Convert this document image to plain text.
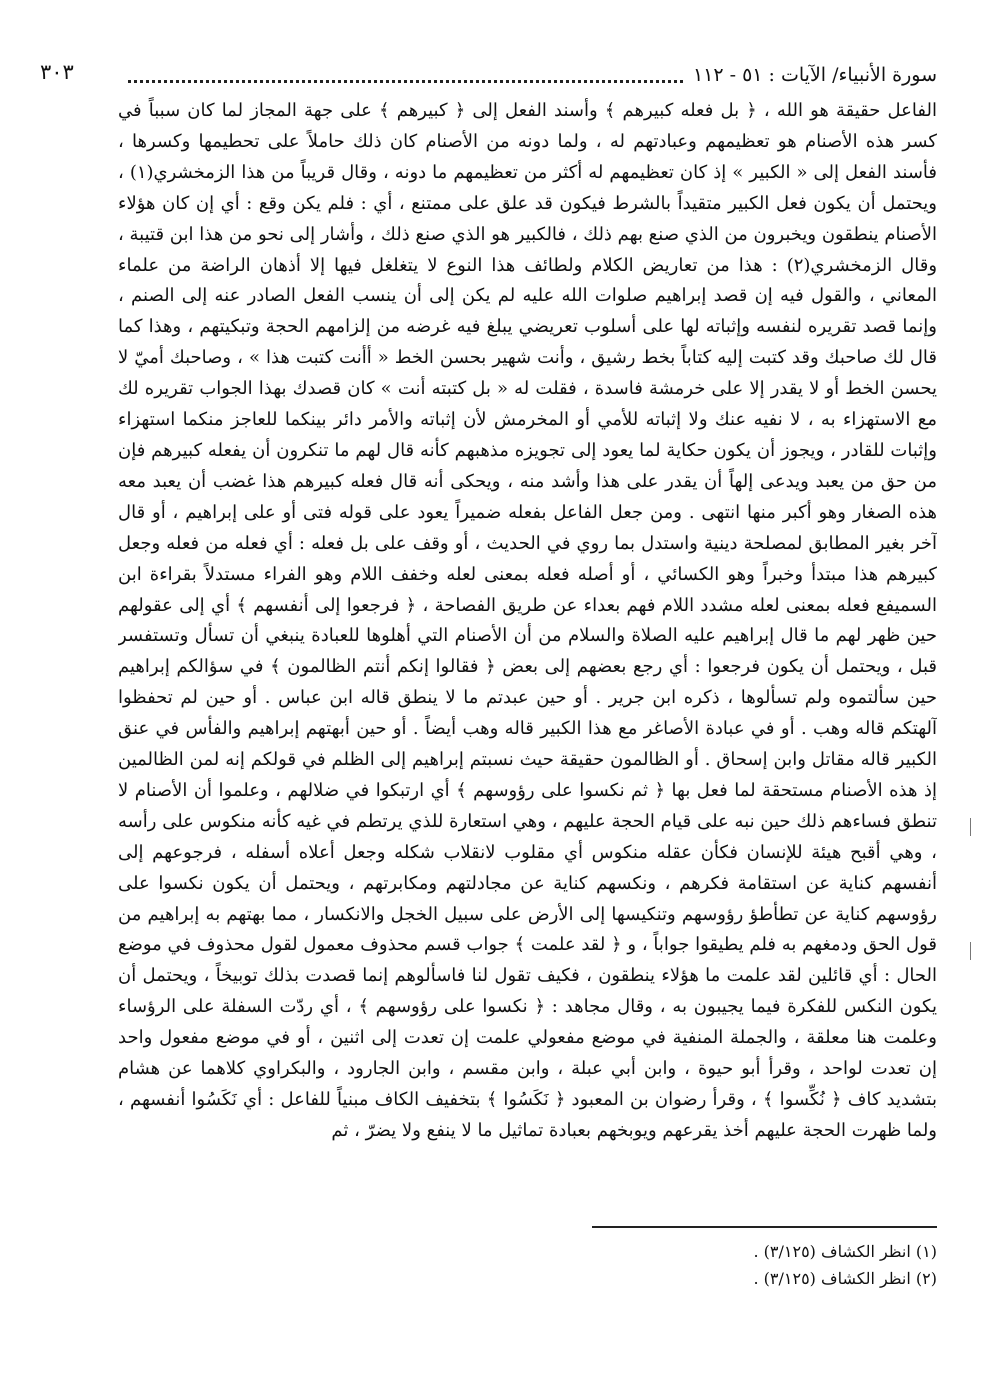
سورة الأنبياء/ الآيات : ٥١ - ١١٢
٣٠٣

الفاعل حقيقة هو الله ، ﴿ بل فعله كبيرهم ﴾ وأسند الفعل إلى ﴿ كبيرهم ﴾ على جهة المجاز لما كان سبباً في كسر هذه الأصنام هو تعظيمهم وعبادتهم له ، ولما دونه من الأصنام كان ذلك حاملاً على تحطيمها وكسرها ، فأسند الفعل إلى « الكبير » إذ كان تعظيمهم له أكثر من تعظيمهم ما دونه ، وقال قريباً من هذا الزمخشري(١) ، ويحتمل أن يكون فعل الكبير متقيداً بالشرط فيكون قد علق على ممتنع ، أي : فلم يكن وقع : أي إن كان هؤلاء الأصنام ينطقون ويخبرون من الذي صنع بهم ذلك ، فالكبير هو الذي صنع ذلك ، وأشار إلى نحو من هذا ابن قتيبة ، وقال الزمخشري(٢) : هذا من تعاريض الكلام ولطائف هذا النوع لا يتغلغل فيها إلا أذهان الراضة من علماء المعاني ، والقول فيه إن قصد إبراهيم صلوات الله عليه لم يكن إلى أن ينسب الفعل الصادر عنه إلى الصنم ، وإنما قصد تقريره لنفسه وإثباته لها على أسلوب تعريضي يبلغ فيه غرضه من إلزامهم الحجة وتبكيتهم ، وهذا كما قال لك صاحبك وقد كتبت إليه كتاباً بخط رشيق ، وأنت شهير بحسن الخط « أأنت كتبت هذا » ، وصاحبك أميّ لا يحسن الخط أو لا يقدر إلا على خرمشة فاسدة ، فقلت له « بل كتبته أنت » كان قصدك بهذا الجواب تقريره لك مع الاستهزاء به ، لا نفيه عنك ولا إثباته للأمي أو المخرمش لأن إثباته والأمر دائر بينكما للعاجز منكما استهزاء وإثبات للقادر ، ويجوز أن يكون حكاية لما يعود إلى تجويزه مذهبهم كأنه قال لهم ما تنكرون أن يفعله كبيرهم فإن من حق من يعبد ويدعى إلهاً أن يقدر على هذا وأشد منه ، ويحكى أنه قال فعله كبيرهم هذا غضب أن يعبد معه هذه الصغار وهو أكبر منها انتهى . ومن جعل الفاعل بفعله ضميراً يعود على قوله فتى أو على إبراهيم ، أو قال آخر بغير المطابق لمصلحة دينية واستدل بما روي في الحديث ، أو وقف على بل فعله : أي فعله من فعله وجعل كبيرهم هذا مبتدأ وخبراً وهو الكسائي ، أو أصله فعله بمعنى لعله وخفف اللام وهو الفراء مستدلاً بقراءة ابن السميفع فعله بمعنى لعله مشدد اللام فهم بعداء عن طريق الفصاحة ، ﴿ فرجعوا إلى أنفسهم ﴾ أي إلى عقولهم حين ظهر لهم ما قال إبراهيم عليه الصلاة والسلام من أن الأصنام التي أهلوها للعبادة ينبغي أن تسأل وتستفسر قبل ، ويحتمل أن يكون فرجعوا : أي رجع بعضهم إلى بعض ﴿ فقالوا إنكم أنتم الظالمون ﴾ في سؤالكم إبراهيم حين سألتموه ولم تسألوها ، ذكره ابن جرير . أو حين عبدتم ما لا ينطق قاله ابن عباس . أو حين لم تحفظوا آلهتكم قاله وهب . أو في عبادة الأصاغر مع هذا الكبير قاله وهب أيضاً . أو حين أبهتهم إبراهيم والفأس في عنق الكبير قاله مقاتل وابن إسحاق . أو الظالمون حقيقة حيث نسبتم إبراهيم إلى الظلم في قولكم إنه لمن الظالمين إذ هذه الأصنام مستحقة لما فعل بها ﴿ ثم نكسوا على رؤوسهم ﴾ أي ارتبكوا في ضلالهم ، وعلموا أن الأصنام لا تنطق فساءهم ذلك حين نبه على قيام الحجة عليهم ، وهي استعارة للذي يرتطم في غيه كأنه منكوس على رأسه ، وهي أقبح هيئة للإنسان فكأن عقله منكوس أي مقلوب لانقلاب شكله وجعل أعلاه أسفله ، فرجوعهم إلى أنفسهم كناية عن استقامة فكرهم ، ونكسهم كناية عن مجادلتهم ومكابرتهم ، ويحتمل أن يكون نكسوا على رؤوسهم كناية عن تطأطؤ رؤوسهم وتنكيسها إلى الأرض على سبيل الخجل والانكسار ، مما بهتهم به إبراهيم من قول الحق ودمغهم به فلم يطيقوا جواباً ، و ﴿ لقد علمت ﴾ جواب قسم محذوف معمول لقول محذوف في موضع الحال : أي قائلين لقد علمت ما هؤلاء ينطقون ، فكيف تقول لنا فاسألوهم إنما قصدت بذلك توبيخاً ، ويحتمل أن يكون النكس للفكرة فيما يجيبون به ، وقال مجاهد : ﴿ نكسوا على رؤوسهم ﴾ ، أي ردّت السفلة على الرؤساء وعلمت هنا معلقة ، والجملة المنفية في موضع مفعولي علمت إن تعدت إلى اثنين ، أو في موضع مفعول واحد إن تعدت لواحد ، وقرأ أبو حيوة ، وابن أبي عبلة ، وابن مقسم ، وابن الجارود ، والبكراوي كلاهما عن هشام بتشديد كاف ﴿ نُكِّسوا ﴾ ، وقرأ رضوان بن المعبود ﴿ نَكَسُوا ﴾ بتخفيف الكاف مبنياً للفاعل : أي نَكَسُوا أنفسهم ، ولما ظهرت الحجة عليهم أخذ يقرعهم ويوبخهم بعبادة تماثيل ما لا ينفع ولا يضرّ ، ثم

(١) انظر الكشاف (٣/١٢٥) .
(٢) انظر الكشاف (٣/١٢٥) .
